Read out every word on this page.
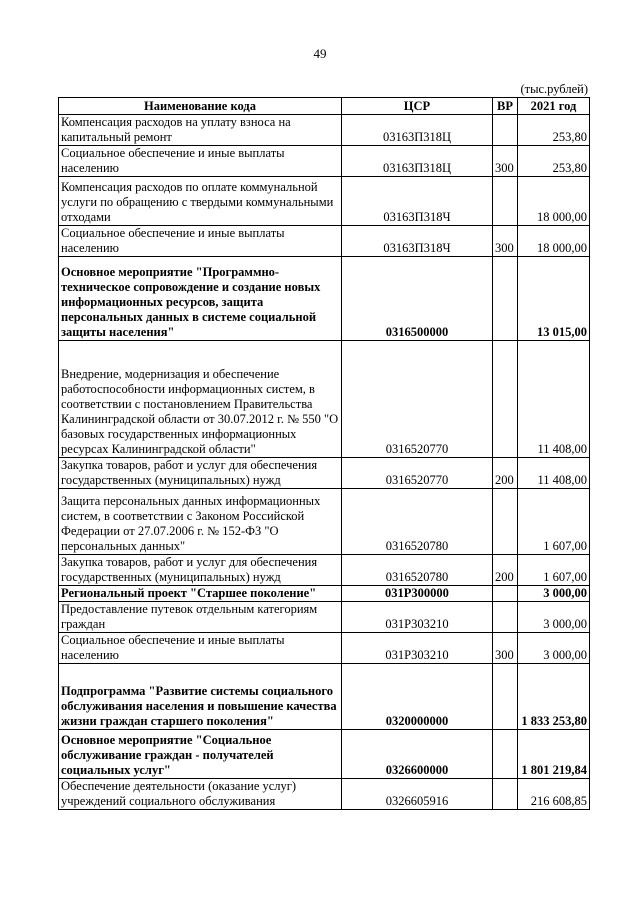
49
(тыс.рублей)
Наименование кода	ЦСР	ВР	2021 год
Компенсация расходов на уплату взноса на капитальный ремонт	03163П318Ц		253,80
Социальное обеспечение и иные выплаты населению	03163П318Ц	300	253,80
Компенсация расходов по оплате коммунальной услуги по обращению с твердыми коммунальными отходами	03163П318Ч		18 000,00
Социальное обеспечение и иные выплаты населению	03163П318Ч	300	18 000,00
Основное мероприятие "Программно-техническое сопровождение и создание новых информационных ресурсов, защита персональных данных в системе социальной защиты населения"	0316500000		13 015,00
Внедрение, модернизация и обеспечение работоспособности информационных систем, в соответствии с постановлением Правительства Калининградской области от 30.07.2012 г. № 550 "О базовых государственных информационных ресурсах Калининградской области"	0316520770		11 408,00
Закупка товаров, работ и услуг для обеспечения государственных (муниципальных) нужд	0316520770	200	11 408,00
Защита персональных данных информационных систем, в соответствии с Законом Российской Федерации от 27.07.2006 г. № 152-ФЗ "О персональных данных"	0316520780		1 607,00
Закупка товаров, работ и услуг для обеспечения государственных (муниципальных) нужд	0316520780	200	1 607,00
Региональный проект "Старшее поколение"	031P300000		3 000,00
Предоставление путевок отдельным категориям граждан	031P303210		3 000,00
Социальное обеспечение и иные выплаты населению	031P303210	300	3 000,00
Подпрограмма "Развитие системы социального обслуживания населения и повышение качества жизни граждан старшего поколения"	0320000000		1 833 253,80
Основное мероприятие "Социальное обслуживание граждан - получателей социальных услуг"	0326600000		1 801 219,84
Обеспечение деятельности (оказание услуг) учреждений социального обслуживания	0326605916		216 608,85
